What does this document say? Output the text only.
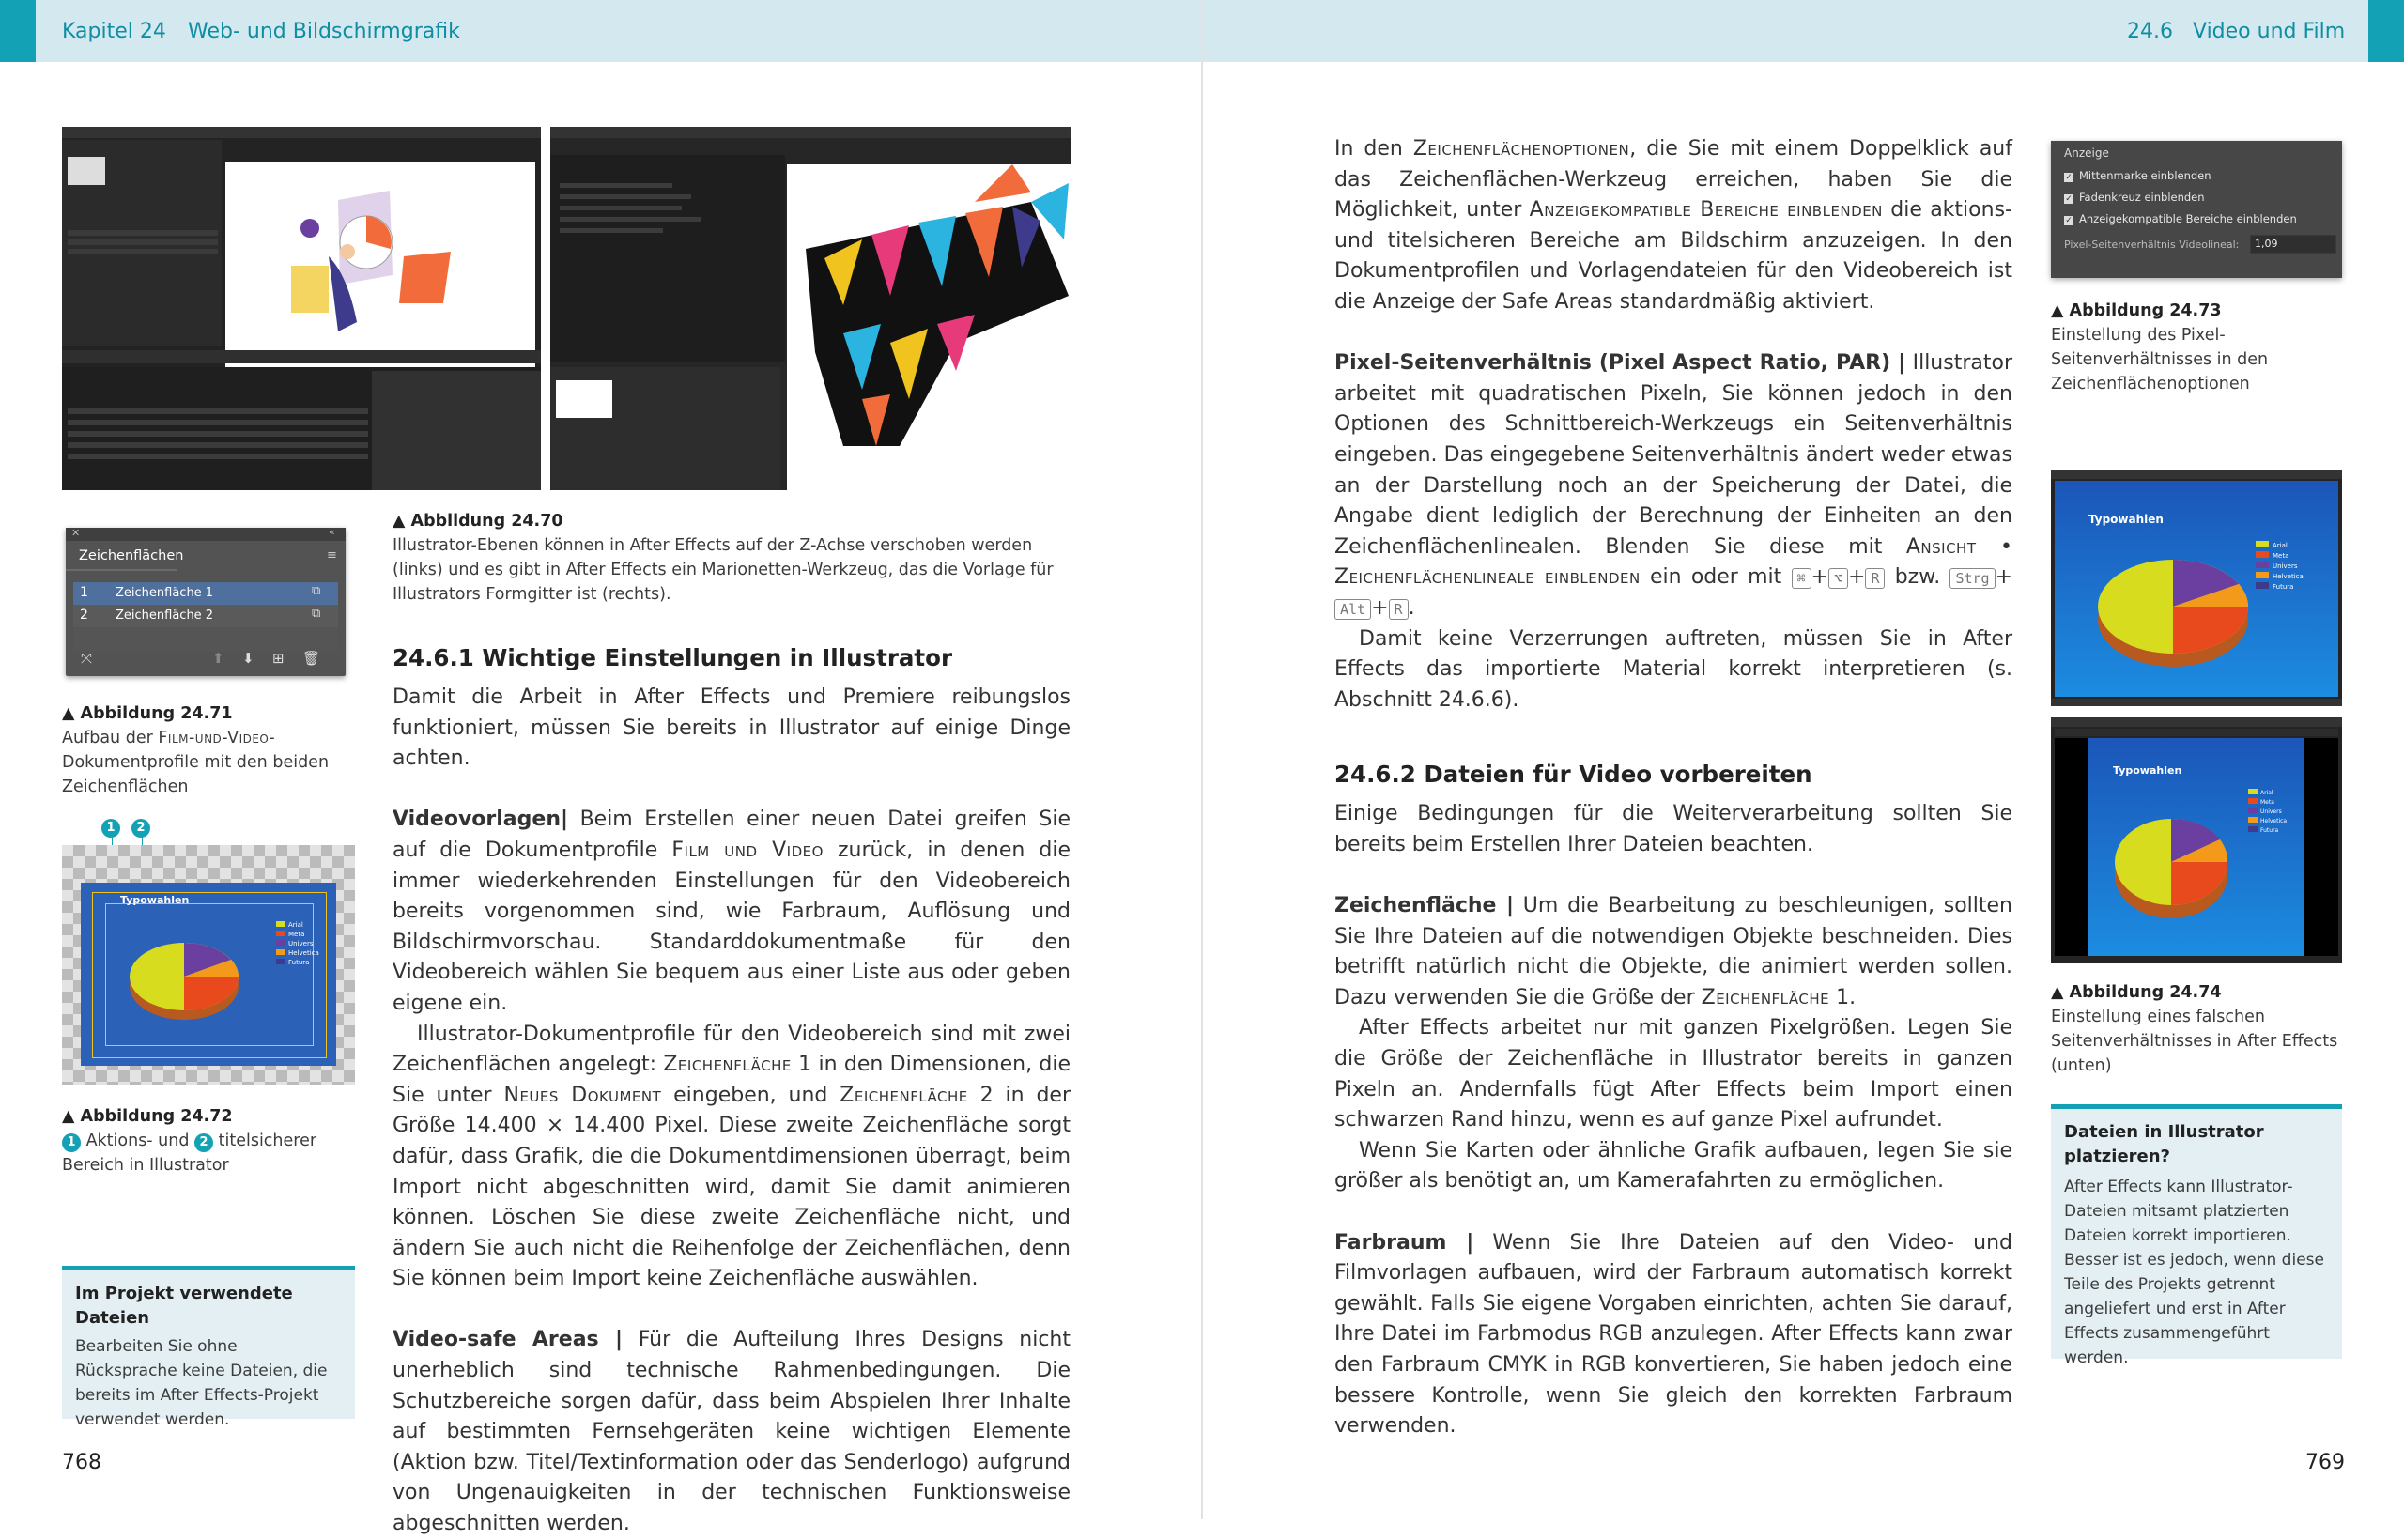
Kapitel 24 Web- und Bildschirmgrafik	24.6 Video und Film
▲ Abbildung 24.70
Illustrator-Ebenen können in After Effects auf der Z-Achse verschoben werden (links) und es gibt in After Effects ein Marionetten-Werkzeug, das die Vorlage für Illustrators Formgitter ist (rechts).
✕	«
Zeichenflächen	≡
1 Zeichenfläche 1	⧉
2 Zeichenfläche 2	⧉
⤧	⬆ ⬇ ⊞ 🗑
▲ Abbildung 24.71
Aufbau der Film-und-Video- Dokumentprofile mit den beiden Zeichenflächen
1	2
Typowahlen
Arial
Meta
Univers
Helvetica
Futura
▲ Abbildung 24.72
1 Aktions- und 2 titelsicherer Bereich in Illustrator
Im Projekt verwendete Dateien
Bearbeiten Sie ohne Rücksprache keine Dateien, die bereits im After Effects-Projekt verwendet werden.
24.6.1 Wichtige Einstellungen in Illustrator

Damit die Arbeit in After Effects und Premiere reibungslos funktioniert, müssen Sie bereits in Illustrator auf einige Dinge achten.

Videovorlagen| Beim Erstellen einer neuen Datei greifen Sie auf die Dokumentprofile Film und Video zurück, in denen die immer wiederkehrenden Einstellungen für den Videobereich bereits vorgenommen sind, wie Farbraum, Auflösung und Bildschirmvorschau. Standarddokumentmaße für den Videobereich wählen Sie bequem aus einer Liste aus oder geben eigene ein.

Illustrator-Dokumentprofile für den Videobereich sind mit zwei Zeichenflächen angelegt: Zeichenfläche 1 in den Dimensionen, die Sie unter Neues Dokument eingeben, und Zeichenfläche 2 in der Größe 14.400 × 14.400 Pixel. Diese zweite Zeichenfläche sorgt dafür, dass Grafik, die die Dokumentdimensionen überragt, beim Import nicht abgeschnitten wird, damit Sie damit animieren können. Löschen Sie diese zweite Zeichenfläche nicht, und ändern Sie auch nicht die Reihenfolge der Zeichenflächen, denn Sie können beim Import keine Zeichenfläche auswählen.

Video-safe Areas | Für die Aufteilung Ihres Designs nicht unerheblich sind technische Rahmenbedingungen. Die Schutzbereiche sorgen dafür, dass beim Abspielen Ihrer Inhalte auf bestimmten Fernsehgeräten keine wichtigen Elemente (Aktion bzw. Titel/Textinformation oder das Senderlogo) aufgrund von Ungenauigkeiten in der technischen Funktionsweise abgeschnitten werden.

768

In den Zeichenflächenoptionen, die Sie mit einem Doppelklick auf das Zeichenflächen-Werkzeug erreichen, haben Sie die Möglichkeit, unter Anzeigekompatible Bereiche einblenden die aktions- und titelsicheren Bereiche am Bildschirm anzuzeigen. In den Dokumentprofilen und Vorlagendateien für den Videobereich ist die Anzeige der Safe Areas standardmäßig aktiviert.

Pixel-Seitenverhältnis (Pixel Aspect Ratio, PAR) | Illustrator arbeitet mit quadratischen Pixeln, Sie können jedoch in den Optionen des Schnittbereich-Werkzeugs ein Seitenverhältnis eingeben. Das eingegebene Seitenverhältnis ändert weder etwas an der Darstellung noch an der Speicherung der Datei, die Angabe dient lediglich der Berechnung der Einheiten an den Zeichenflächenlinealen. Blenden Sie diese mit Ansicht • Zeichenflächenlineale einblenden ein oder mit ⌘ + ⌥ + R bzw. Strg +Alt + R .

Damit keine Verzerrungen auftreten, müssen Sie in After Effects das importierte Material korrekt interpretieren (s. Abschnitt 24.6.6).

24.6.2 Dateien für Video vorbereiten

Einige Bedingungen für die Weiterverarbeitung sollten Sie bereits beim Erstellen Ihrer Dateien beachten.

Zeichenfläche | Um die Bearbeitung zu beschleunigen, sollten Sie Ihre Dateien auf die notwendigen Objekte beschneiden. Dies betrifft natürlich nicht die Objekte, die animiert werden sollen. Dazu verwenden Sie die Größe der Zeichenfläche 1.

After Effects arbeitet nur mit ganzen Pixelgrößen. Legen Sie die Größe der Zeichenfläche in Illustrator bereits in ganzen Pixeln an. Andernfalls fügt After Effects beim Import einen schwarzen Rand hinzu, wenn es auf ganze Pixel aufrundet.

Wenn Sie Karten oder ähnliche Grafik aufbauen, legen Sie sie größer als benötigt an, um Kamerafahrten zu ermöglichen.

Farbraum | Wenn Sie Ihre Dateien auf den Video- und Filmvorlagen aufbauen, wird der Farbraum automatisch korrekt gewählt. Falls Sie eigene Vorgaben einrichten, achten Sie darauf, Ihre Datei im Farbmodus RGB anzulegen. After Effects kann zwar den Farbraum CMYK in RGB konvertieren, Sie haben jedoch eine bessere Kontrolle, wenn Sie gleich den korrekten Farbraum verwenden.

Anzeige
✓ Mittenmarke einblenden
✓ Fadenkreuz einblenden
✓ Anzeigekompatible Bereiche einblenden
Pixel-Seitenverhältnis Videolineal: 1,09
▲ Abbildung 24.73
Einstellung des Pixel-Seitenverhältnisses in den Zeichenflächenoptionen
Typowahlen
Arial
Meta
Univers
Helvetica
Futura
Typowahlen
Arial
Meta
Univers
Helvetica
Futura
▲ Abbildung 24.74
Einstellung eines falschen Seitenverhältnisses in After Effects (unten)
Dateien in Illustrator platzieren?
After Effects kann Illustrator-Dateien mitsamt platzierten Dateien korrekt importieren. Besser ist es jedoch, wenn diese Teile des Projekts getrennt angeliefert und erst in After Effects zusammengeführt werden.
769
